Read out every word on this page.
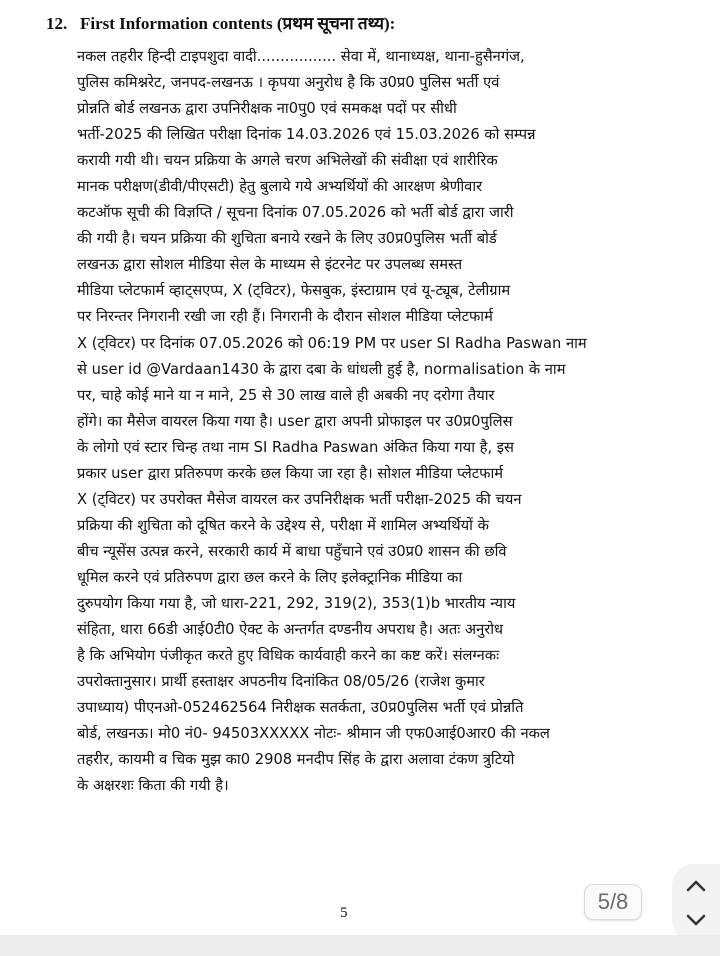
12. First Information contents (प्रथम सूचना तथ्य):
नकल तहरीर हिन्दी टाइपशुदा वादी................. सेवा में, थानाध्यक्ष, थाना-हुसैनगंज,
पुलिस कमिश्नरेट, जनपद-लखनऊ । कृपया अनुरोध है कि उ0प्र0 पुलिस भर्ती एवं
प्रोन्नति बोर्ड लखनऊ द्वारा उपनिरीक्षक ना0पु0 एवं समकक्ष पदों पर सीधी
भर्ती-2025 की लिखित परीक्षा दिनांक 14.03.2026 एवं 15.03.2026 को सम्पन्न
करायी गयी थी। चयन प्रक्रिया के अगले चरण अभिलेखों की संवीक्षा एवं शारीरिक
मानक परीक्षण(डीवी/पीएसटी) हेतु बुलाये गये अभ्यर्थियों की आरक्षण श्रेणीवार
कटऑफ सूची की विज्ञप्ति / सूचना दिनांक 07.05.2026 को भर्ती बोर्ड द्वारा जारी
की गयी है। चयन प्रक्रिया की शुचिता बनाये रखने के लिए उ0प्र0पुलिस भर्ती बोर्ड
लखनऊ द्वारा सोशल मीडिया सेल के माध्यम से इंटरनेट पर उपलब्ध समस्त
मीडिया प्लेटफार्म व्हाट्सएप्प, X (ट्विटर), फेसबुक, इंस्टाग्राम एवं यू-ट्यूब, टेलीग्राम
पर निरन्तर निगरानी रखी जा रही हैं। निगरानी के दौरान सोशल मीडिया प्लेटफार्म
X (ट्विटर) पर दिनांक 07.05.2026 को 06:19 PM पर user SI Radha Paswan नाम
से user id @Vardaan1430 के द्वारा दबा के धांधली हुई है, normalisation के नाम
पर, चाहे कोई माने या न माने, 25 से 30 लाख वाले ही अबकी नए दरोगा तैयार
होंगे। का मैसेज वायरल किया गया है। user द्वारा अपनी प्रोफाइल पर उ0प्र0पुलिस
के लोगो एवं स्टार चिन्ह तथा नाम SI Radha Paswan अंकित किया गया है, इस
प्रकार user द्वारा प्रतिरुपण करके छल किया जा रहा है। सोशल मीडिया प्लेटफार्म
X (ट्विटर) पर उपरोक्त मैसेज वायरल कर उपनिरीक्षक भर्ती परीक्षा-2025 की चयन
प्रक्रिया की शुचिता को दूषित करने के उद्देश्य से, परीक्षा में शामिल अभ्यर्थियों के
बीच न्यूसेंस उत्पन्न करने, सरकारी कार्य में बाधा पहुँचाने एवं उ0प्र0 शासन की छवि
धूमिल करने एवं प्रतिरुपण द्वारा छल करने के लिए इलेक्ट्रानिक मीडिया का
दुरुपयोग किया गया है, जो धारा-221, 292, 319(2), 353(1)b भारतीय न्याय
संहिता, धारा 66डी आई0टी0 ऐक्ट के अन्तर्गत दण्डनीय अपराध है। अतः अनुरोध
है कि अभियोग पंजीकृत करते हुए विधिक कार्यवाही करने का कष्ट करें। संलग्नकः
उपरोक्तानुसार। प्रार्थी हस्ताक्षर अपठनीय दिनांकित 08/05/26 (राजेश कुमार
उपाध्याय) पीएनओ-052462564 निरीक्षक सतर्कता, उ0प्र0पुलिस भर्ती एवं प्रोन्नति
बोर्ड, लखनऊ। मो0 नं0- 94503XXXXX नोटः- श्रीमान जी एफ0आई0आर0 की नकल
तहरीर, कायमी व चिक मुझ का0 2908 मनदीप सिंह के द्वारा अलावा टंकण त्रुटियो
के अक्षरशः किता की गयी है।
5	5/8
